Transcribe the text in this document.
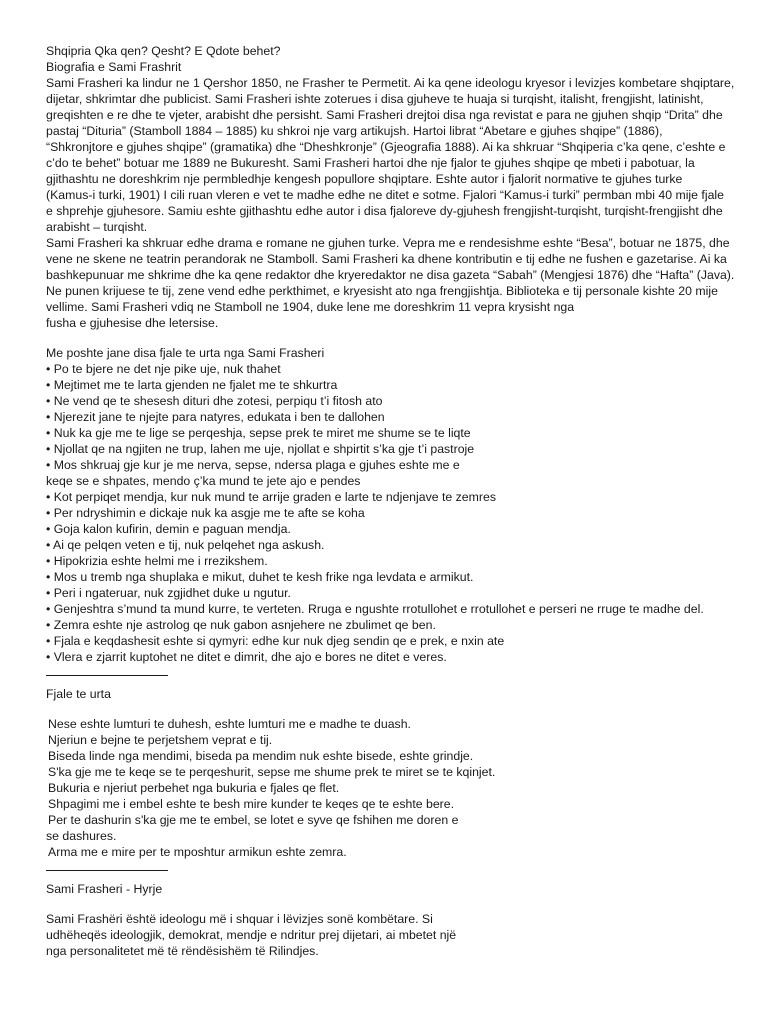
Shqipria Qka qen? Qesht? E Qdote behet?
Biografia e Sami Frashrit
Sami Frasheri ka lindur ne 1 Qershor 1850, ne Frasher te Permetit. Ai ka qene ideologu kryesor i levizjes kombetare shqiptare,
dijetar, shkrimtar dhe publicist. Sami Frasheri ishte zoterues i disa gjuheve te huaja si turqisht, italisht, frengjisht, latinisht,
greqishten e re dhe te vjeter, arabisht dhe persisht. Sami Frasheri drejtoi disa nga revistat e para ne gjuhen shqip “Drita” dhe
pastaj “Dituria” (Stamboll 1884 – 1885) ku shkroi nje varg artikujsh. Hartoi librat “Abetare e gjuhes shqipe” (1886),
“Shkronjtore e gjuhes shqipe” (gramatika) dhe “Dheshkronje” (Gjeografia 1888). Ai ka shkruar “Shqiperia c’ka qene, c’eshte e
c’do te behet” botuar me 1889 ne Bukuresht. Sami Frasheri hartoi dhe nje fjalor te gjuhes shqipe qe mbeti i pabotuar, la
gjithashtu ne doreshkrim nje permbledhje kengesh popullore shqiptare. Eshte autor i fjalorit normative te gjuhes turke
(Kamus-i turki, 1901) I cili ruan vleren e vet te madhe edhe ne ditet e sotme. Fjalori “Kamus-i turki” permban mbi 40 mije fjale
e shprehje gjuhesore. Samiu eshte gjithashtu edhe autor i disa fjaloreve dy-gjuhesh frengjisht-turqisht, turqisht-frengjisht dhe
arabisht – turqisht.
Sami Frasheri ka shkruar edhe drama e romane ne gjuhen turke. Vepra me e rendesishme eshte “Besa”, botuar ne 1875, dhe
vene ne skene ne teatrin perandorak ne Stamboll. Sami Frasheri ka dhene kontributin e tij edhe ne fushen e gazetarise. Ai ka
bashkepunuar me shkrime dhe ka qene redaktor dhe kryeredaktor ne disa gazeta “Sabah” (Mengjesi 1876) dhe “Hafta” (Java).
Ne punen krijuese te tij, zene vend edhe perkthimet, e kryesisht ato nga frengjishtja. Biblioteka e tij personale kishte 20 mije
vellime. Sami Frasheri vdiq ne Stamboll ne 1904, duke lene me doreshkrim 11 vepra krysisht nga
fusha e gjuhesise dhe letersise.
Me poshte jane disa fjale te urta nga Sami Frasheri
• Po te bjere ne det nje pike uje, nuk thahet
• Mejtimet me te larta gjenden ne fjalet me te shkurtra
• Ne vend qe te shesesh dituri dhe zotesi, perpiqu t’i fitosh ato
• Njerezit jane te njejte para natyres, edukata i ben te dallohen
• Nuk ka gje me te lige se perqeshja, sepse prek te miret me shume se te liqte
• Njollat qe na ngjiten ne trup, lahen me uje, njollat e shpirtit s’ka gje t’i pastroje
• Mos shkruaj gje kur je me nerva, sepse, ndersa plaga e gjuhes eshte me e
keqe se e shpates, mendo ç’ka mund te jete ajo e pendes
• Kot perpiqet mendja, kur nuk mund te arrije graden e larte te ndjenjave te zemres
• Per ndryshimin e dickaje nuk ka asgje me te afte se koha
• Goja kalon kufirin, demin e paguan mendja.
• Ai qe pelqen veten e tij, nuk pelqehet nga askush.
• Hipokrizia eshte helmi me i rrezikshem.
• Mos u tremb nga shuplaka e mikut, duhet te kesh frike nga levdata e armikut.
• Peri i ngateruar, nuk zgjidhet duke u ngutur.
• Genjeshtra s’mund ta mund kurre, te verteten. Rruga e ngushte rrotullohet e rrotullohet e perseri ne rruge te madhe del.
• Zemra eshte nje astrolog qe nuk gabon asnjehere ne zbulimet qe ben.
• Fjala e keqdashesit eshte si qymyri: edhe kur nuk djeg sendin qe e prek, e nxin ate
• Vlera e zjarrit kuptohet ne ditet e dimrit, dhe ajo e bores ne ditet e veres.
Fjale te urta
Nese eshte lumturi te duhesh, eshte lumturi me e madhe te duash.
Njeriun e bejne te perjetshem veprat e tij.
Biseda linde nga mendimi, biseda pa mendim nuk eshte bisede, eshte grindje.
S'ka gje me te keqe se te perqeshurit, sepse me shume prek te miret se te kqinjet.
Bukuria e njeriut perbehet nga bukuria e fjales qe flet.
Shpagimi me i embel eshte te besh mire kunder te keqes qe te eshte bere.
Per te dashurin s'ka gje me te embel, se lotet e syve qe fshihen me doren e
se dashures.
Arma me e mire per te mposhtur armikun eshte zemra.
Sami Frasheri - Hyrje
Sami Frashëri është ideologu më i shquar i lëvizjes sonë kombëtare. Si
udhëheqës ideologjik, demokrat, mendje e ndritur prej dijetari, ai mbetet një
nga personalitetet më të rëndësishëm të Rilindjes.
